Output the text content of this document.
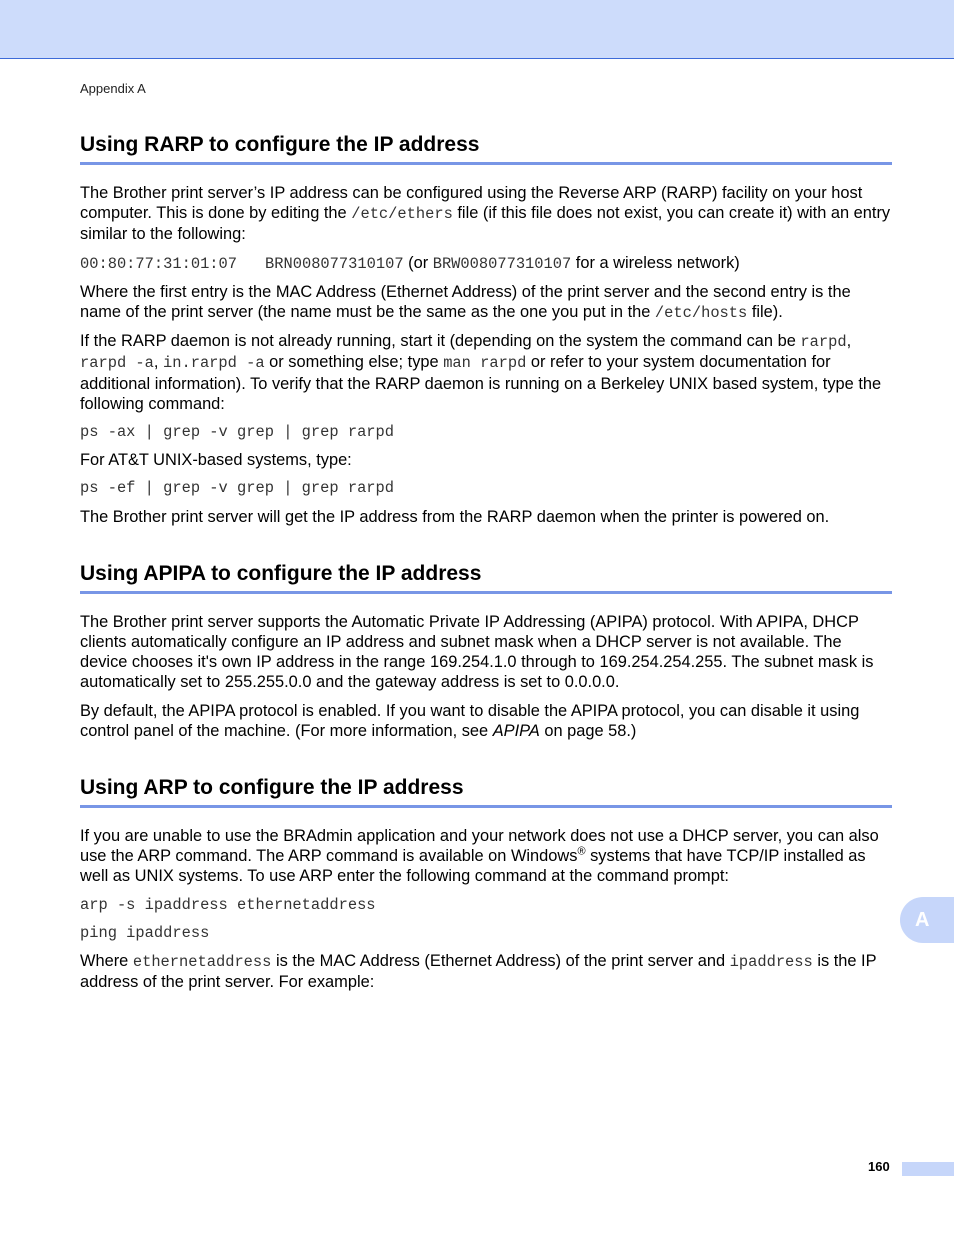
Appendix A
Using RARP to configure the IP address

The Brother print server’s IP address can be configured using the Reverse ARP (RARP) facility on your host computer. This is done by editing the /etc/ethers file (if this file does not exist, you can create it) with an entry similar to the following:

00:80:77:31:01:07 BRN008077310107 (or BRW008077310107 for a wireless network)

Where the first entry is the MAC Address (Ethernet Address) of the print server and the second entry is the name of the print server (the name must be the same as the one you put in the /etc/hosts file).

If the RARP daemon is not already running, start it (depending on the system the command can be rarpd, rarpd -a, in.rarpd -a or something else; type man rarpd or refer to your system documentation for additional information). To verify that the RARP daemon is running on a Berkeley UNIX based system, type the following command:

ps -ax | grep -v grep | grep rarpd

For AT&T UNIX-based systems, type:

ps -ef | grep -v grep | grep rarpd

The Brother print server will get the IP address from the RARP daemon when the printer is powered on.

Using APIPA to configure the IP address

The Brother print server supports the Automatic Private IP Addressing (APIPA) protocol. With APIPA, DHCP clients automatically configure an IP address and subnet mask when a DHCP server is not available. The device chooses it's own IP address in the range 169.254.1.0 through to 169.254.254.255. The subnet mask is automatically set to 255.255.0.0 and the gateway address is set to 0.0.0.0.

By default, the APIPA protocol is enabled. If you want to disable the APIPA protocol, you can disable it using control panel of the machine. (For more information, see APIPA on page 58.)

Using ARP to configure the IP address

If you are unable to use the BRAdmin application and your network does not use a DHCP server, you can also use the ARP command. The ARP command is available on Windows® systems that have TCP/IP installed as well as UNIX systems. To use ARP enter the following command at the command prompt:

arp -s ipaddress ethernetaddress

ping ipaddress

Where ethernetaddress is the MAC Address (Ethernet Address) of the print server and ipaddress is the IP address of the print server. For example:

A
160
